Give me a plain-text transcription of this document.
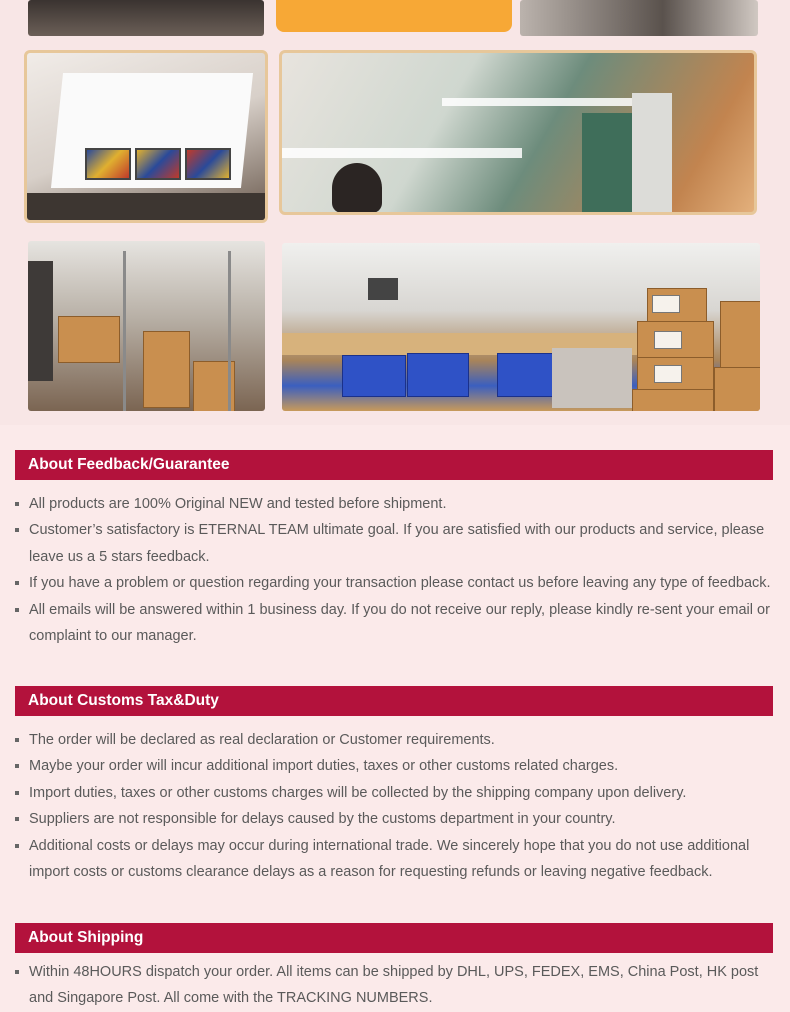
About Feedback/Guarantee
All products are 100% Original NEW and tested before shipment.
Customer’s satisfactory is ETERNAL TEAM ultimate goal. If you are satisfied with our products and service, please leave us a 5 stars feedback.
If you have a problem or question regarding your transaction please contact us before leaving any type of feedback.
All emails will be answered within 1 business day. If you do not receive our reply, please kindly re-sent your email or complaint to our manager.
About Customs Tax&Duty
The order will be declared as real declaration or Customer requirements.
Maybe your order will incur additional import duties, taxes or other customs related charges.
Import duties, taxes or other customs charges will be collected by the shipping company upon delivery.
Suppliers are not responsible for delays caused by the customs department in your country.
Additional costs or delays may occur during international trade. We sincerely hope that you do not use additional import costs or customs clearance delays as a reason for requesting refunds or leaving negative feedback.
About Shipping
Within 48HOURS dispatch your order. All items can be shipped by DHL, UPS, FEDEX, EMS, China Post, HK post and Singapore Post. All come with the TRACKING NUMBERS.
